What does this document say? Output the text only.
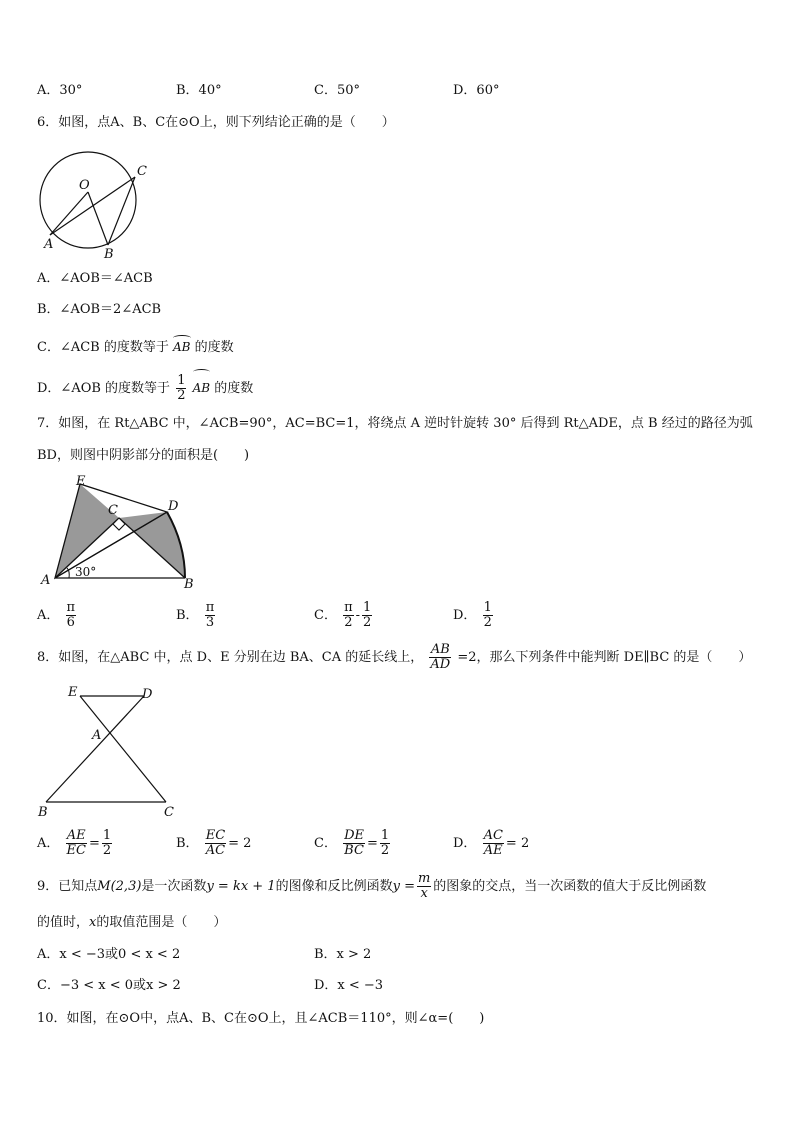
A．30°	B．40°	C．50°	D．60°
6．如图，点A、B、C在⊙O上，则下列结论正确的是（　　）
O
A
B
C
A．∠AOB＝∠ACB
B．∠AOB＝2∠ACB
C．∠ACB 的度数等于 AB 的度数
D．∠AOB 的度数等于 $\frac{1}{2}$ AB 的度数
7．如图，在 Rt△ABC 中，∠ACB=90°，AC=BC=1，将绕点 A 逆时针旋转 30° 后得到 Rt△ADE，点 B 经过的路径为弧
BD，则图中阴影部分的面积是(　　)
E
C	D
A	B
30°
A． $\frac{\pi}{6}$	B． $\frac{\pi}{3}$	C． $\frac{\pi}{2} - \frac{1}{2}$	D． $\frac{1}{2}$
8．如图，在△ABC 中，点 D、E 分别在边 BA、CA 的延长线上， $\frac{AB}{AD} =2$，那么下列条件中能判断 DE∥BC 的是（　　）
E	D
A
B	C
A． $\frac{AE}{EC} = \frac{1}{2}$	B． $\frac{EC}{AC} = 2$	C． $\frac{DE}{BC} = \frac{1}{2}$	D． $\frac{AC}{AE} = 2$
9．已知点M(2,3)是一次函数y = kx + 1的图像和反比例函数$y = \frac{m}{x}$ 的图象的交点，当一次函数的值大于反比例函数
的值时，x的取值范围是（　　）
A．x < −3或0 < x < 2	B．x > 2
C．−3 < x < 0或x > 2	D．x < −3
10．如图，在⊙O中，点A、B、C在⊙O上，且∠ACB＝110°，则∠α=(　　)
